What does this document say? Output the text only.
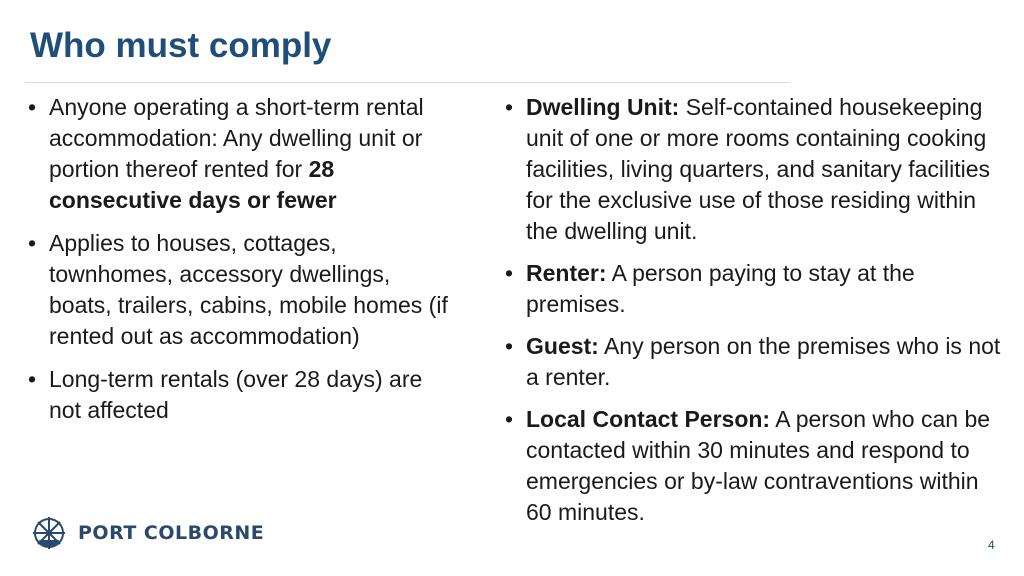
Who must comply
• Anyone operating a short-term rental accommodation: Any dwelling unit or portion thereof rented for 28 consecutive days or fewer
• Applies to houses, cottages, townhomes, accessory dwellings, boats, trailers, cabins, mobile homes (if rented out as accommodation)
• Long-term rentals (over 28 days) are not affected
• Dwelling Unit: Self-contained housekeeping unit of one or more rooms containing cooking facilities, living quarters, and sanitary facilities for the exclusive use of those residing within the dwelling unit.
• Renter: A person paying to stay at the premises.
• Guest: Any person on the premises who is not a renter.
• Local Contact Person: A person who can be contacted within 30 minutes and respond to emergencies or by-law contraventions within 60 minutes.
PORT COLBORNE
4
